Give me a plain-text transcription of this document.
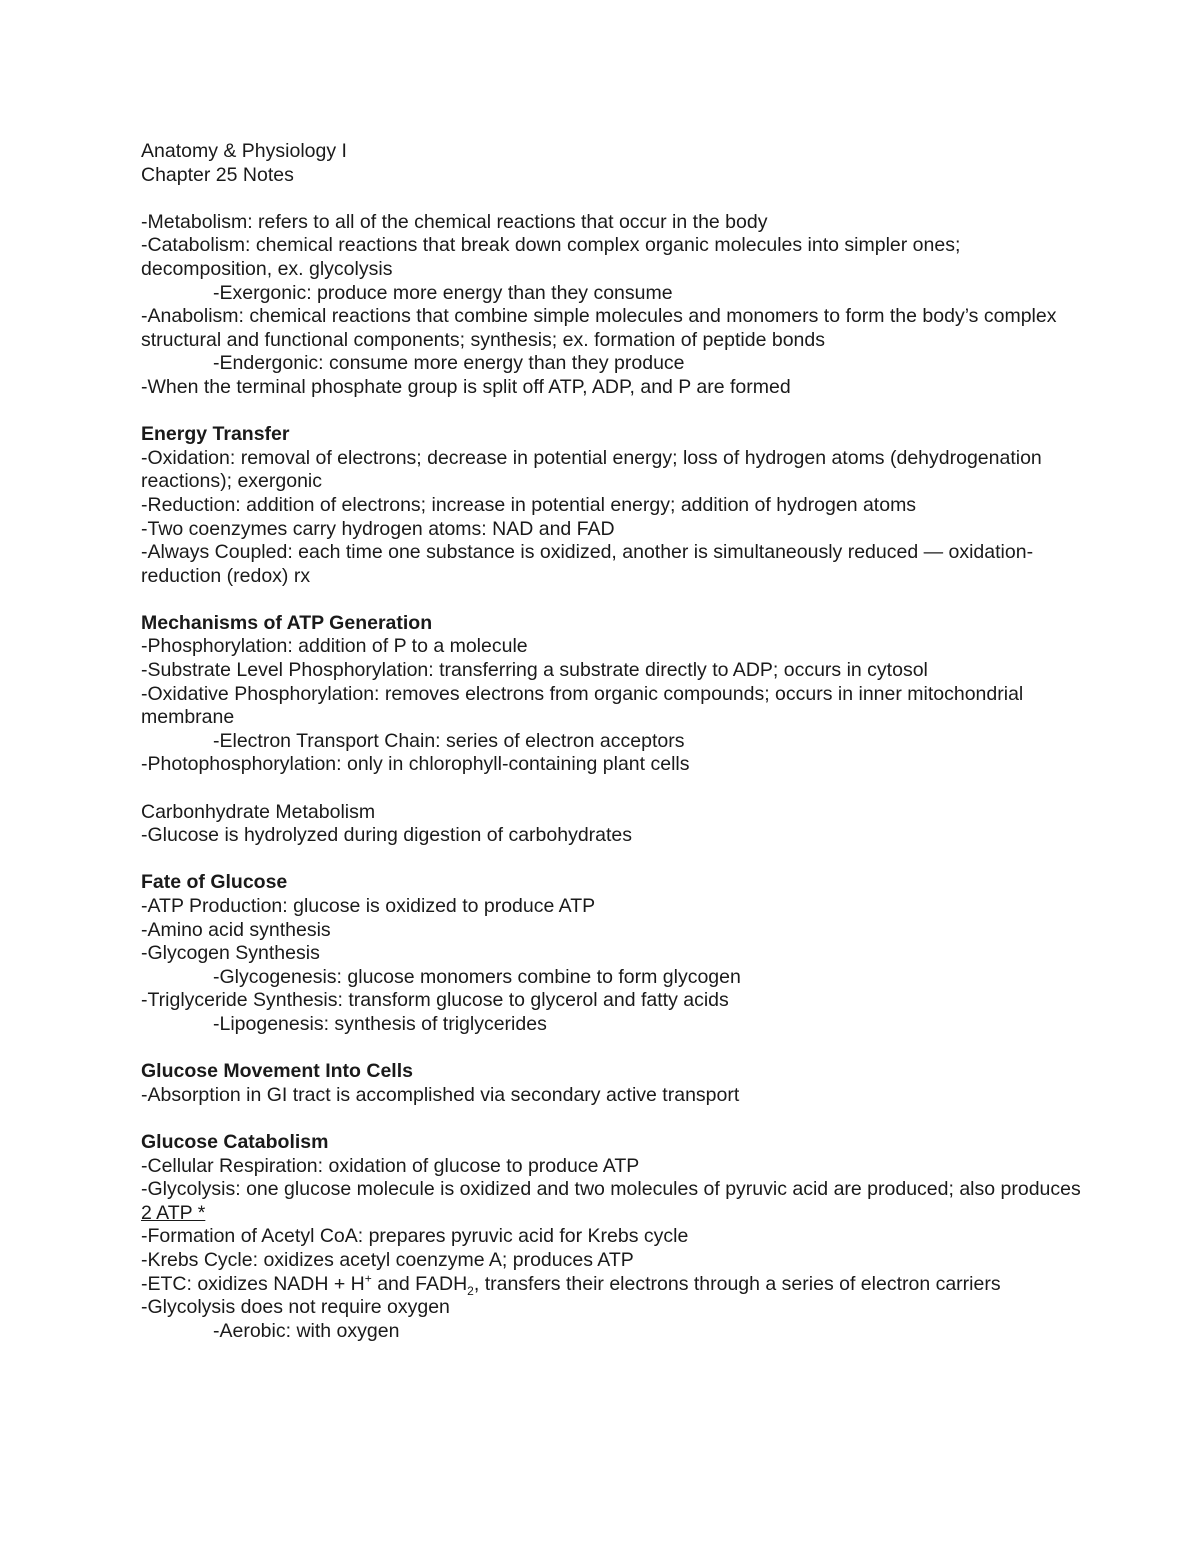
Anatomy & Physiology I

Chapter 25 Notes

-Metabolism: refers to all of the chemical reactions that occur in the body

-Catabolism: chemical reactions that break down complex organic molecules into simpler ones; decomposition, ex. glycolysis

-Exergonic: produce more energy than they consume

-Anabolism: chemical reactions that combine simple molecules and monomers to form the body’s complex structural and functional components; synthesis; ex. formation of peptide bonds

-Endergonic: consume more energy than they produce

-When the terminal phosphate group is split off ATP, ADP, and P are formed

Energy Transfer

-Oxidation: removal of electrons; decrease in potential energy; loss of hydrogen atoms (dehydrogenation reactions); exergonic

-Reduction: addition of electrons; increase in potential energy; addition of hydrogen atoms

-Two coenzymes carry hydrogen atoms: NAD and FAD

-Always Coupled: each time one substance is oxidized, another is simultaneously reduced — oxidation-reduction (redox) rx

Mechanisms of ATP Generation

-Phosphorylation: addition of P to a molecule

-Substrate Level Phosphorylation: transferring a substrate directly to ADP; occurs in cytosol

-Oxidative Phosphorylation: removes electrons from organic compounds; occurs in inner mitochondrial membrane

-Electron Transport Chain: series of electron acceptors

-Photophosphorylation: only in chlorophyll-containing plant cells

Carbonhydrate Metabolism

-Glucose is hydrolyzed during digestion of carbohydrates

Fate of Glucose

-ATP Production: glucose is oxidized to produce ATP

-Amino acid synthesis

-Glycogen Synthesis

-Glycogenesis: glucose monomers combine to form glycogen

-Triglyceride Synthesis: transform glucose to glycerol and fatty acids

-Lipogenesis: synthesis of triglycerides

Glucose Movement Into Cells

-Absorption in GI tract is accomplished via secondary active transport

Glucose Catabolism

-Cellular Respiration: oxidation of glucose to produce ATP

-Glycolysis: one glucose molecule is oxidized and two molecules of pyruvic acid are produced; also produces 2 ATP *

-Formation of Acetyl CoA: prepares pyruvic acid for Krebs cycle

-Krebs Cycle: oxidizes acetyl coenzyme A; produces ATP

-ETC: oxidizes NADH + H+ and $FADH_2$, transfers their electrons through a series of electron carriers

-Glycolysis does not require oxygen

-Aerobic: with oxygen
